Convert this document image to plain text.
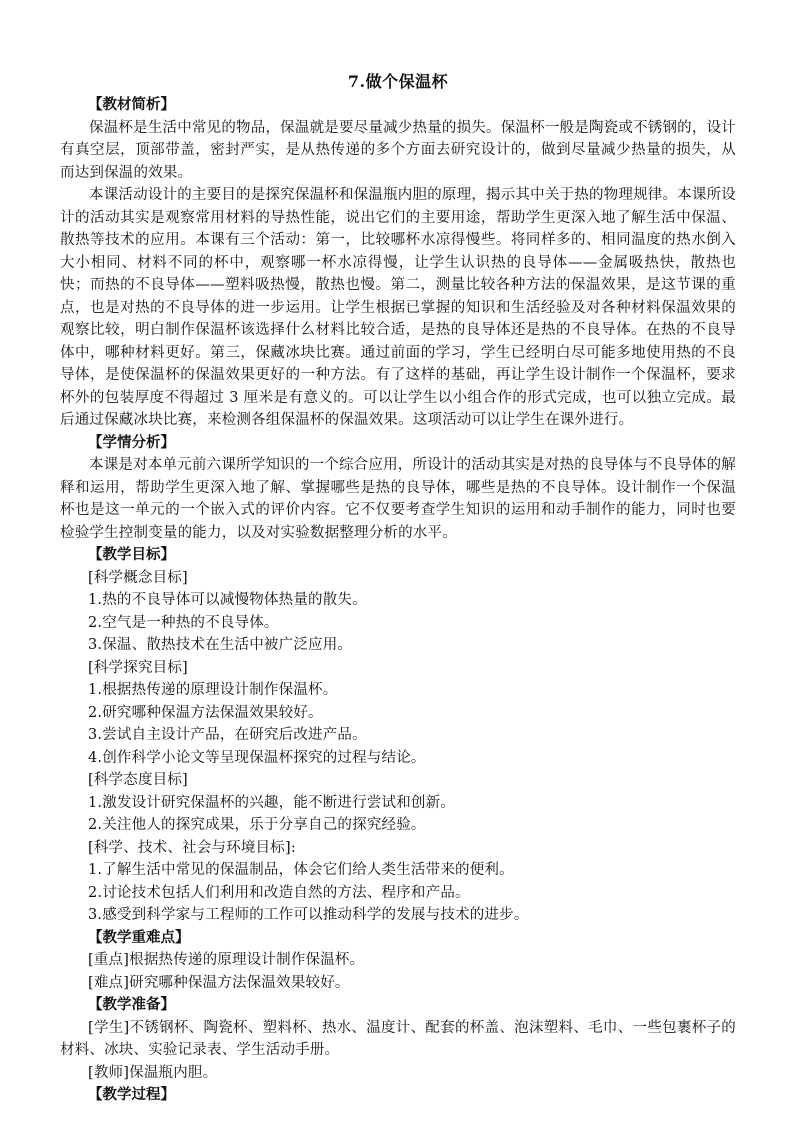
7.做个保温杯
【教材简析】

保温杯是生活中常见的物品，保温就是要尽量减少热量的损失。保温杯一般是陶瓷或不锈钢的，设计有真空层，顶部带盖，密封严实，是从热传递的多个方面去研究设计的，做到尽量减少热量的损失，从而达到保温的效果。

本课活动设计的主要目的是探究保温杯和保温瓶内胆的原理，揭示其中关于热的物理规律。本课所设计的活动其实是观察常用材料的导热性能，说出它们的主要用途，帮助学生更深入地了解生活中保温、散热等技术的应用。本课有三个活动：第一，比较哪杯水凉得慢些。将同样多的、相同温度的热水倒入大小相同、材料不同的杯中，观察哪一杯水凉得慢，让学生认识热的良导体——金属吸热快，散热也快；而热的不良导体——塑料吸热慢，散热也慢。第二，测量比较各种方法的保温效果，是这节课的重点，也是对热的不良导体的进一步运用。让学生根据已掌握的知识和生活经验及对各种材料保温效果的观察比较，明白制作保温杯该选择什么材料比较合适，是热的良导体还是热的不良导体。在热的不良导体中，哪种材料更好。第三，保藏冰块比赛。通过前面的学习，学生已经明白尽可能多地使用热的不良导体，是使保温杯的保温效果更好的一种方法。有了这样的基础，再让学生设计制作一个保温杯，要求杯外的包装厚度不得超过 3 厘米是有意义的。可以让学生以小组合作的形式完成，也可以独立完成。最后通过保藏冰块比赛，来检测各组保温杯的保温效果。这项活动可以让学生在课外进行。

【学情分析】

本课是对本单元前六课所学知识的一个综合应用，所设计的活动其实是对热的良导体与不良导体的解释和运用，帮助学生更深入地了解、掌握哪些是热的良导体，哪些是热的不良导体。设计制作一个保温杯也是这一单元的一个嵌入式的评价内容。它不仅要考查学生知识的运用和动手制作的能力，同时也要检验学生控制变量的能力，以及对实验数据整理分析的水平。

【教学目标】
[科学概念目标]
1.热的不良导体可以减慢物体热量的散失。
2.空气是一种热的不良导体。
3.保温、散热技术在生活中被广泛应用。
[科学探究目标]
1.根据热传递的原理设计制作保温杯。
2.研究哪种保温方法保温效果较好。
3.尝试自主设计产品，在研究后改进产品。
4.创作科学小论文等呈现保温杯探究的过程与结论。
[科学态度目标]
1.激发设计研究保温杯的兴趣，能不断进行尝试和创新。
2.关注他人的探究成果，乐于分享自己的探究经验。
[科学、技术、社会与环境目标]:
1.了解生活中常见的保温制品，体会它们给人类生活带来的便利。
2.讨论技术包括人们利用和改造自然的方法、程序和产品。
3.感受到科学家与工程师的工作可以推动科学的发展与技术的进步。
【教学重难点】
[重点]根据热传递的原理设计制作保温杯。
[难点]研究哪种保温方法保温效果较好。
【教学准备】

[学生]不锈钢杯、陶瓷杯、塑料杯、热水、温度计、配套的杯盖、泡沫塑料、毛巾、一些包裹杯子的材料、冰块、实验记录表、学生活动手册。

[教师]保温瓶内胆。
【教学过程】
